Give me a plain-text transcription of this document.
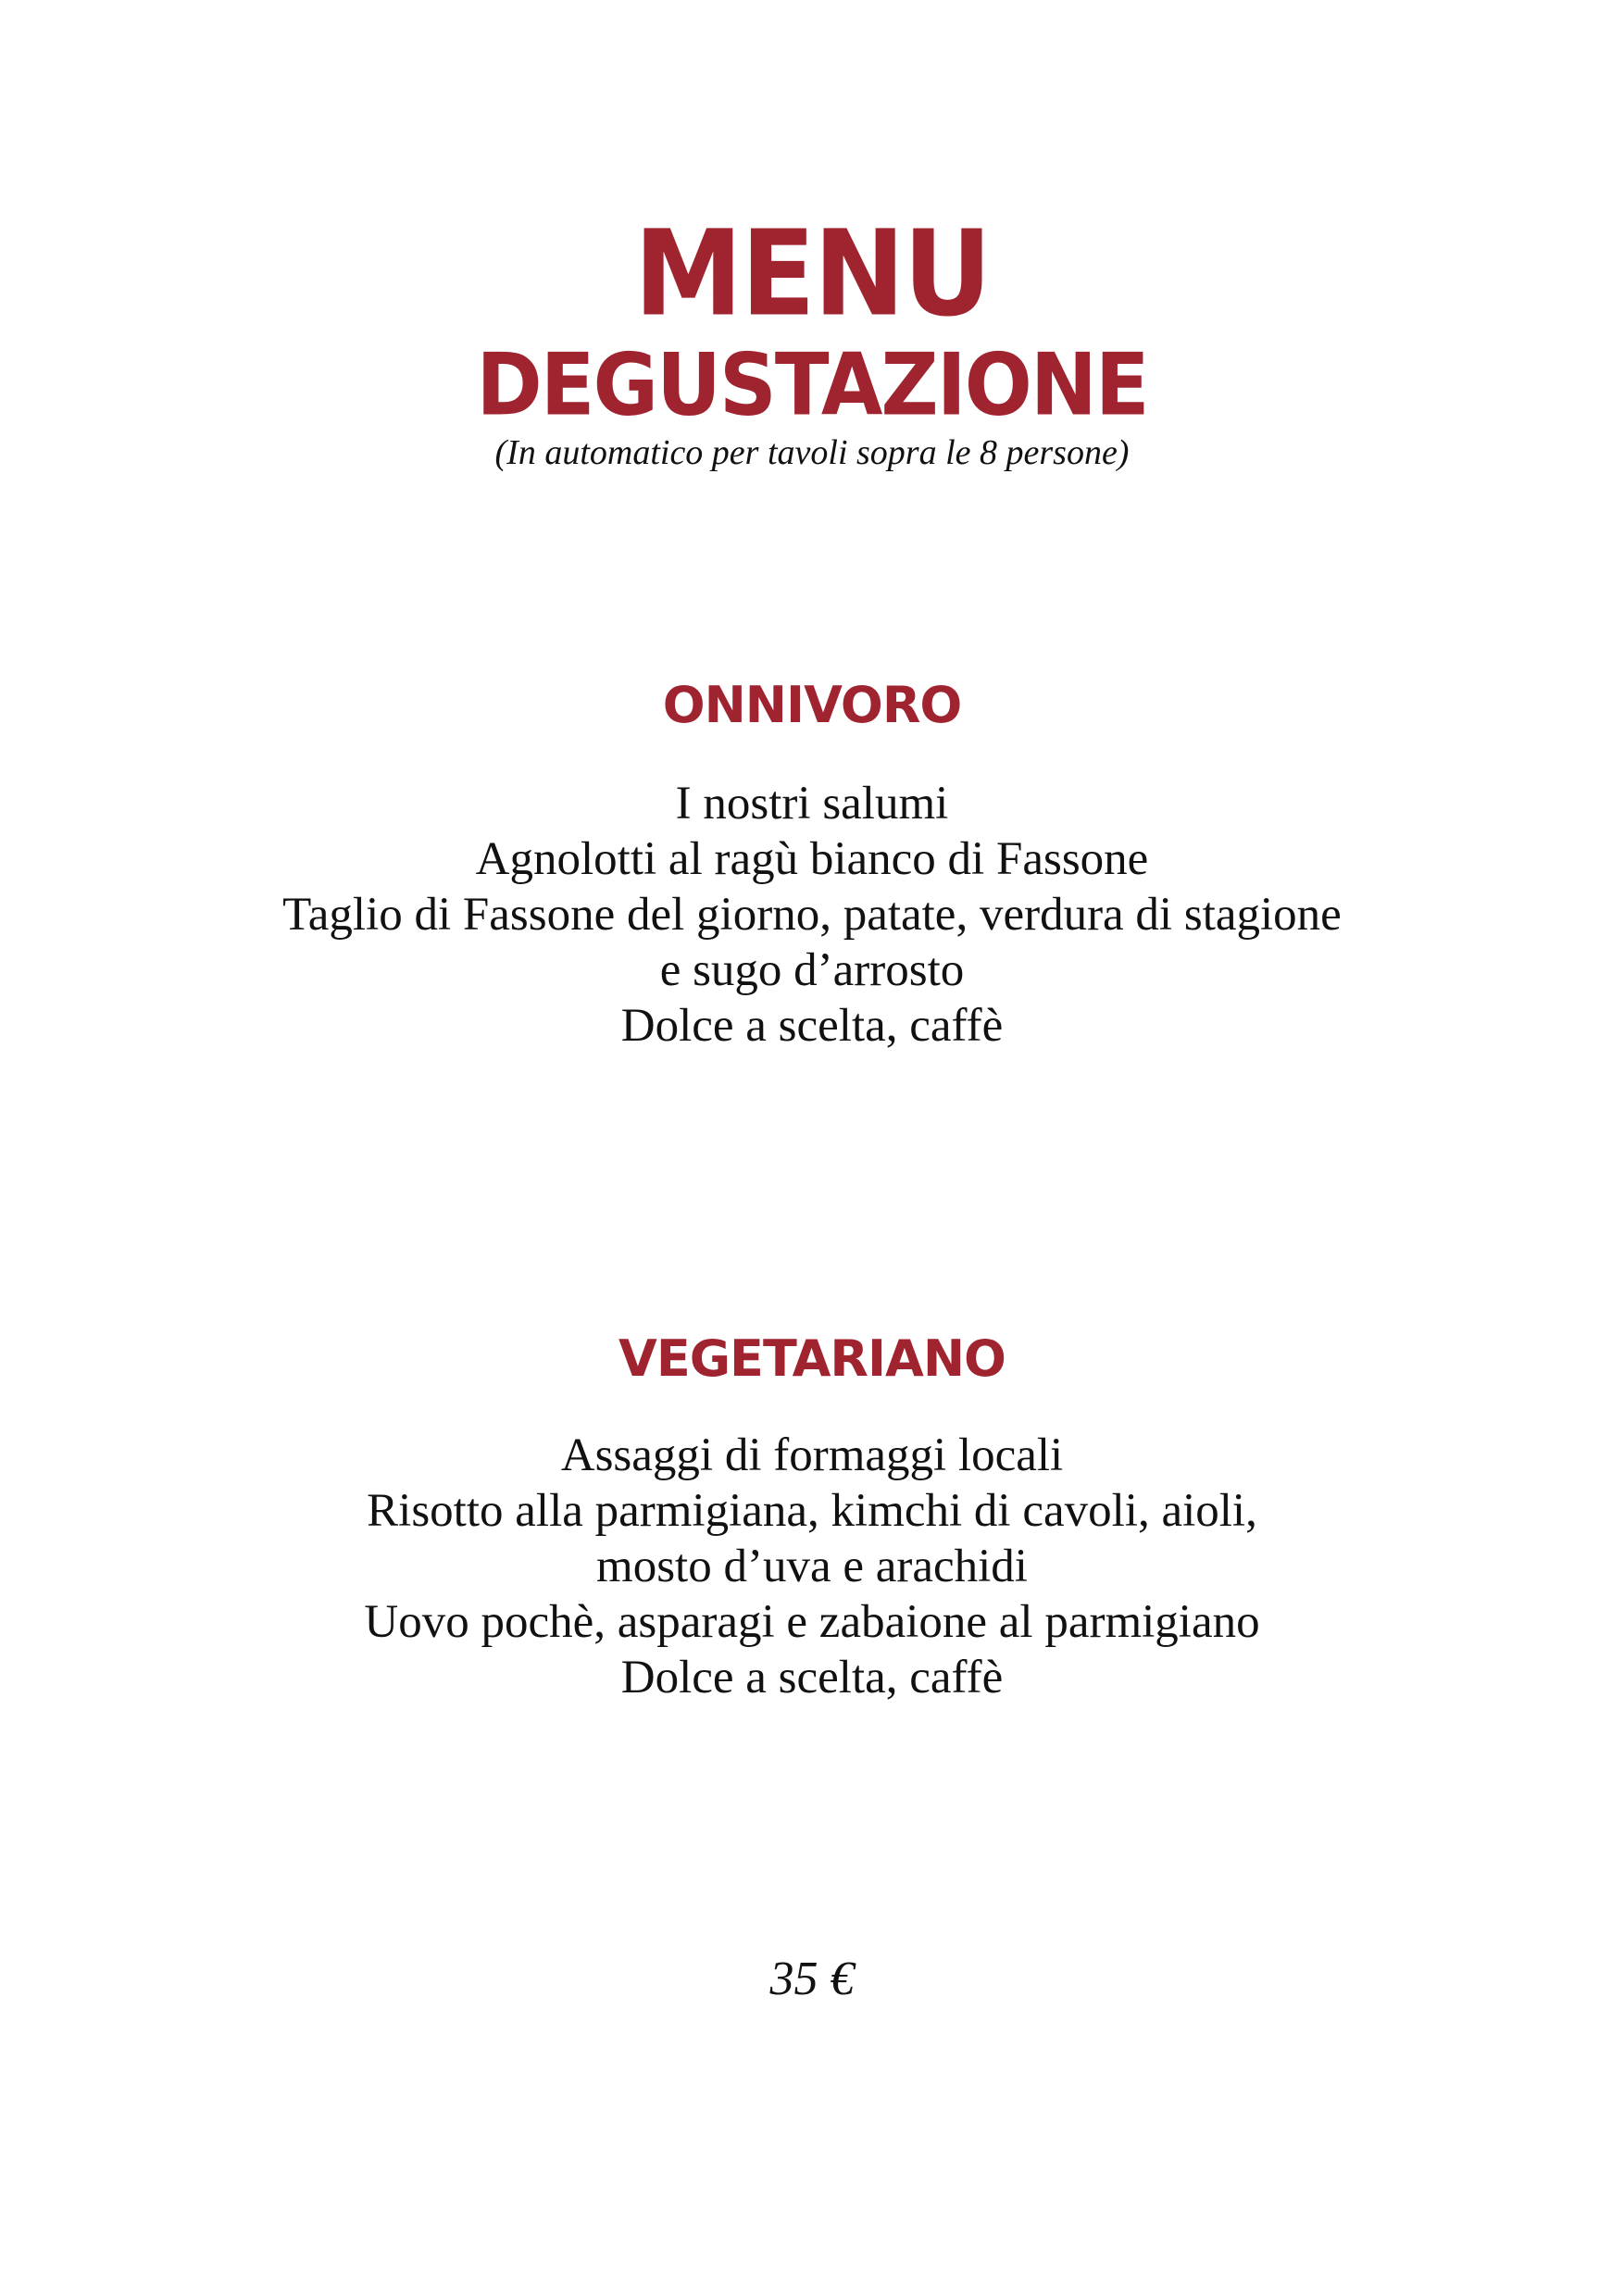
MENU
DEGUSTAZIONE
(In automatico per tavoli sopra le 8 persone)
ONNIVORO
I nostri salumi
Agnolotti al ragù bianco di Fassone
Taglio di Fassone del giorno, patate, verdura di stagione
e sugo d’arrosto
Dolce a scelta, caffè
VEGETARIANO
Assaggi di formaggi locali
Risotto alla parmigiana, kimchi di cavoli, aioli,
mosto d’uva e arachidi
Uovo pochè, asparagi e zabaione al parmigiano
Dolce a scelta, caffè
35 €
